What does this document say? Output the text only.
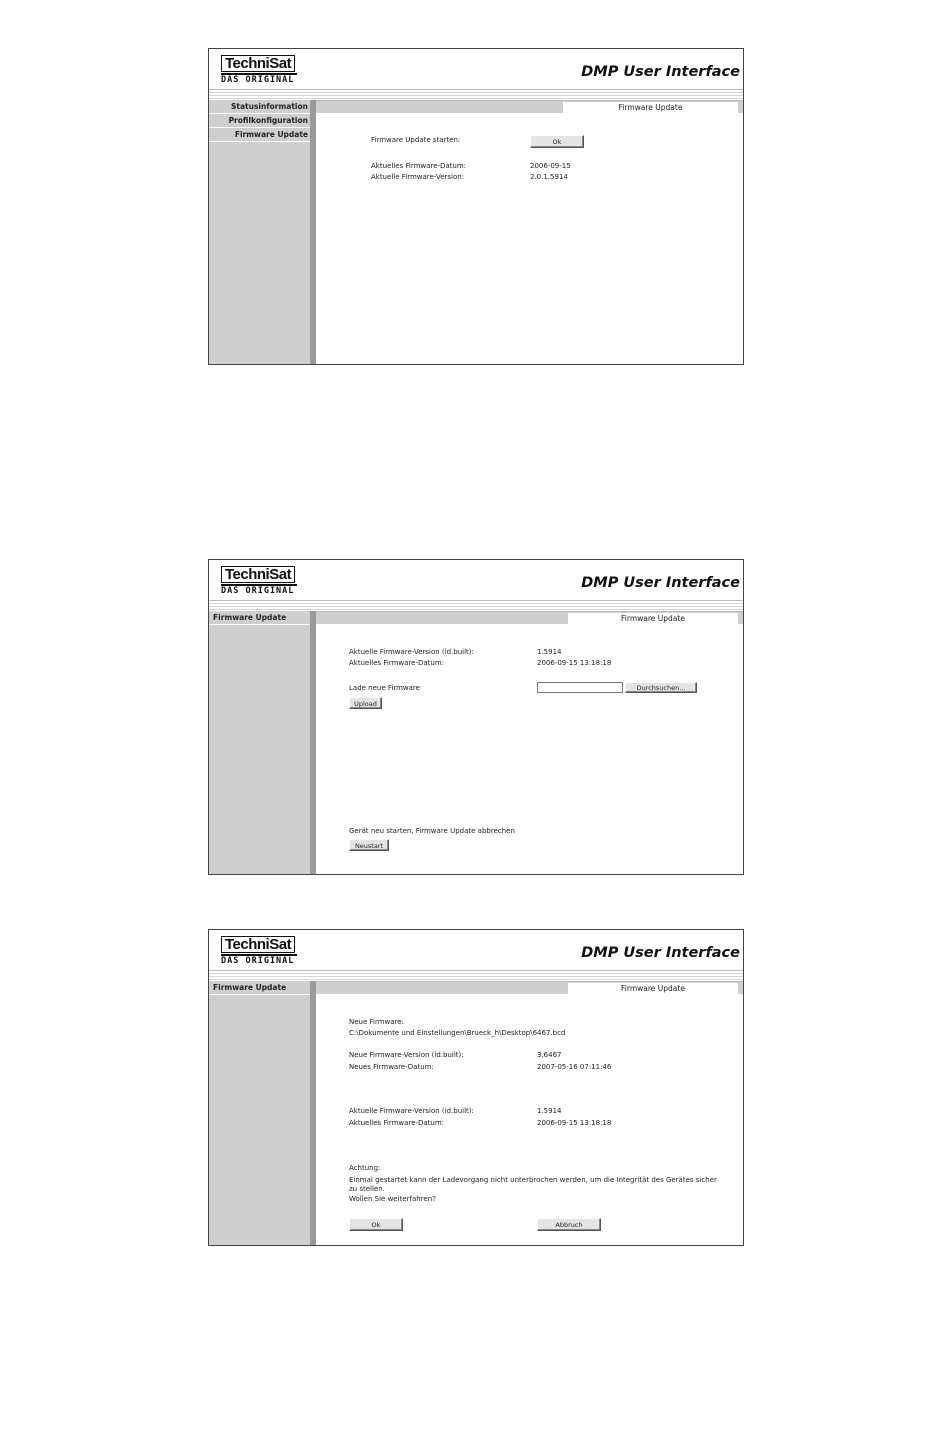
TechniSat
DAS ORIGINAL	DMP User Interface
Statusinformation
Profilkonfiguration
Firmware Update
Firmware Update
Firmware Update starten:	Ok
Aktuelles Firmware-Datum:	2006-09-15
Aktuelle Firmware-Version:	2.0.1.5914
TechniSat
DAS ORIGINAL	DMP User Interface
Firmware Update	Firmware Update
Aktuelle Firmware-Version (id.built):	1.5914
Aktuelles Firmware-Datum:	2006-09-15 13:18:18
Lade neue Firmware	Durchsuchen...
Upload
Gerät neu starten, Firmware Update abbrechen
Neustart
TechniSat
DAS ORIGINAL	DMP User Interface
Firmware Update	Firmware Update
Neue Firmware:
C:\Dokumente und Einstellungen\Brueck_h\Desktop\6467.bcd
Neue Firmware-Version (id.built):	3.6467
Neues Firmware-Datum:	2007-05-16 07:11:46
Aktuelle Firmware-Version (id.built):	1.5914
Aktuelles Firmware-Datum:	2006-09-15 13:18:18
Achtung:
Einmal gestartet kann der Ladevorgang nicht unterbrochen werden, um die Integrität des Gerätes sicher
zu stellen.
Wollen Sie weiterfahren?
Ok	Abbruch
